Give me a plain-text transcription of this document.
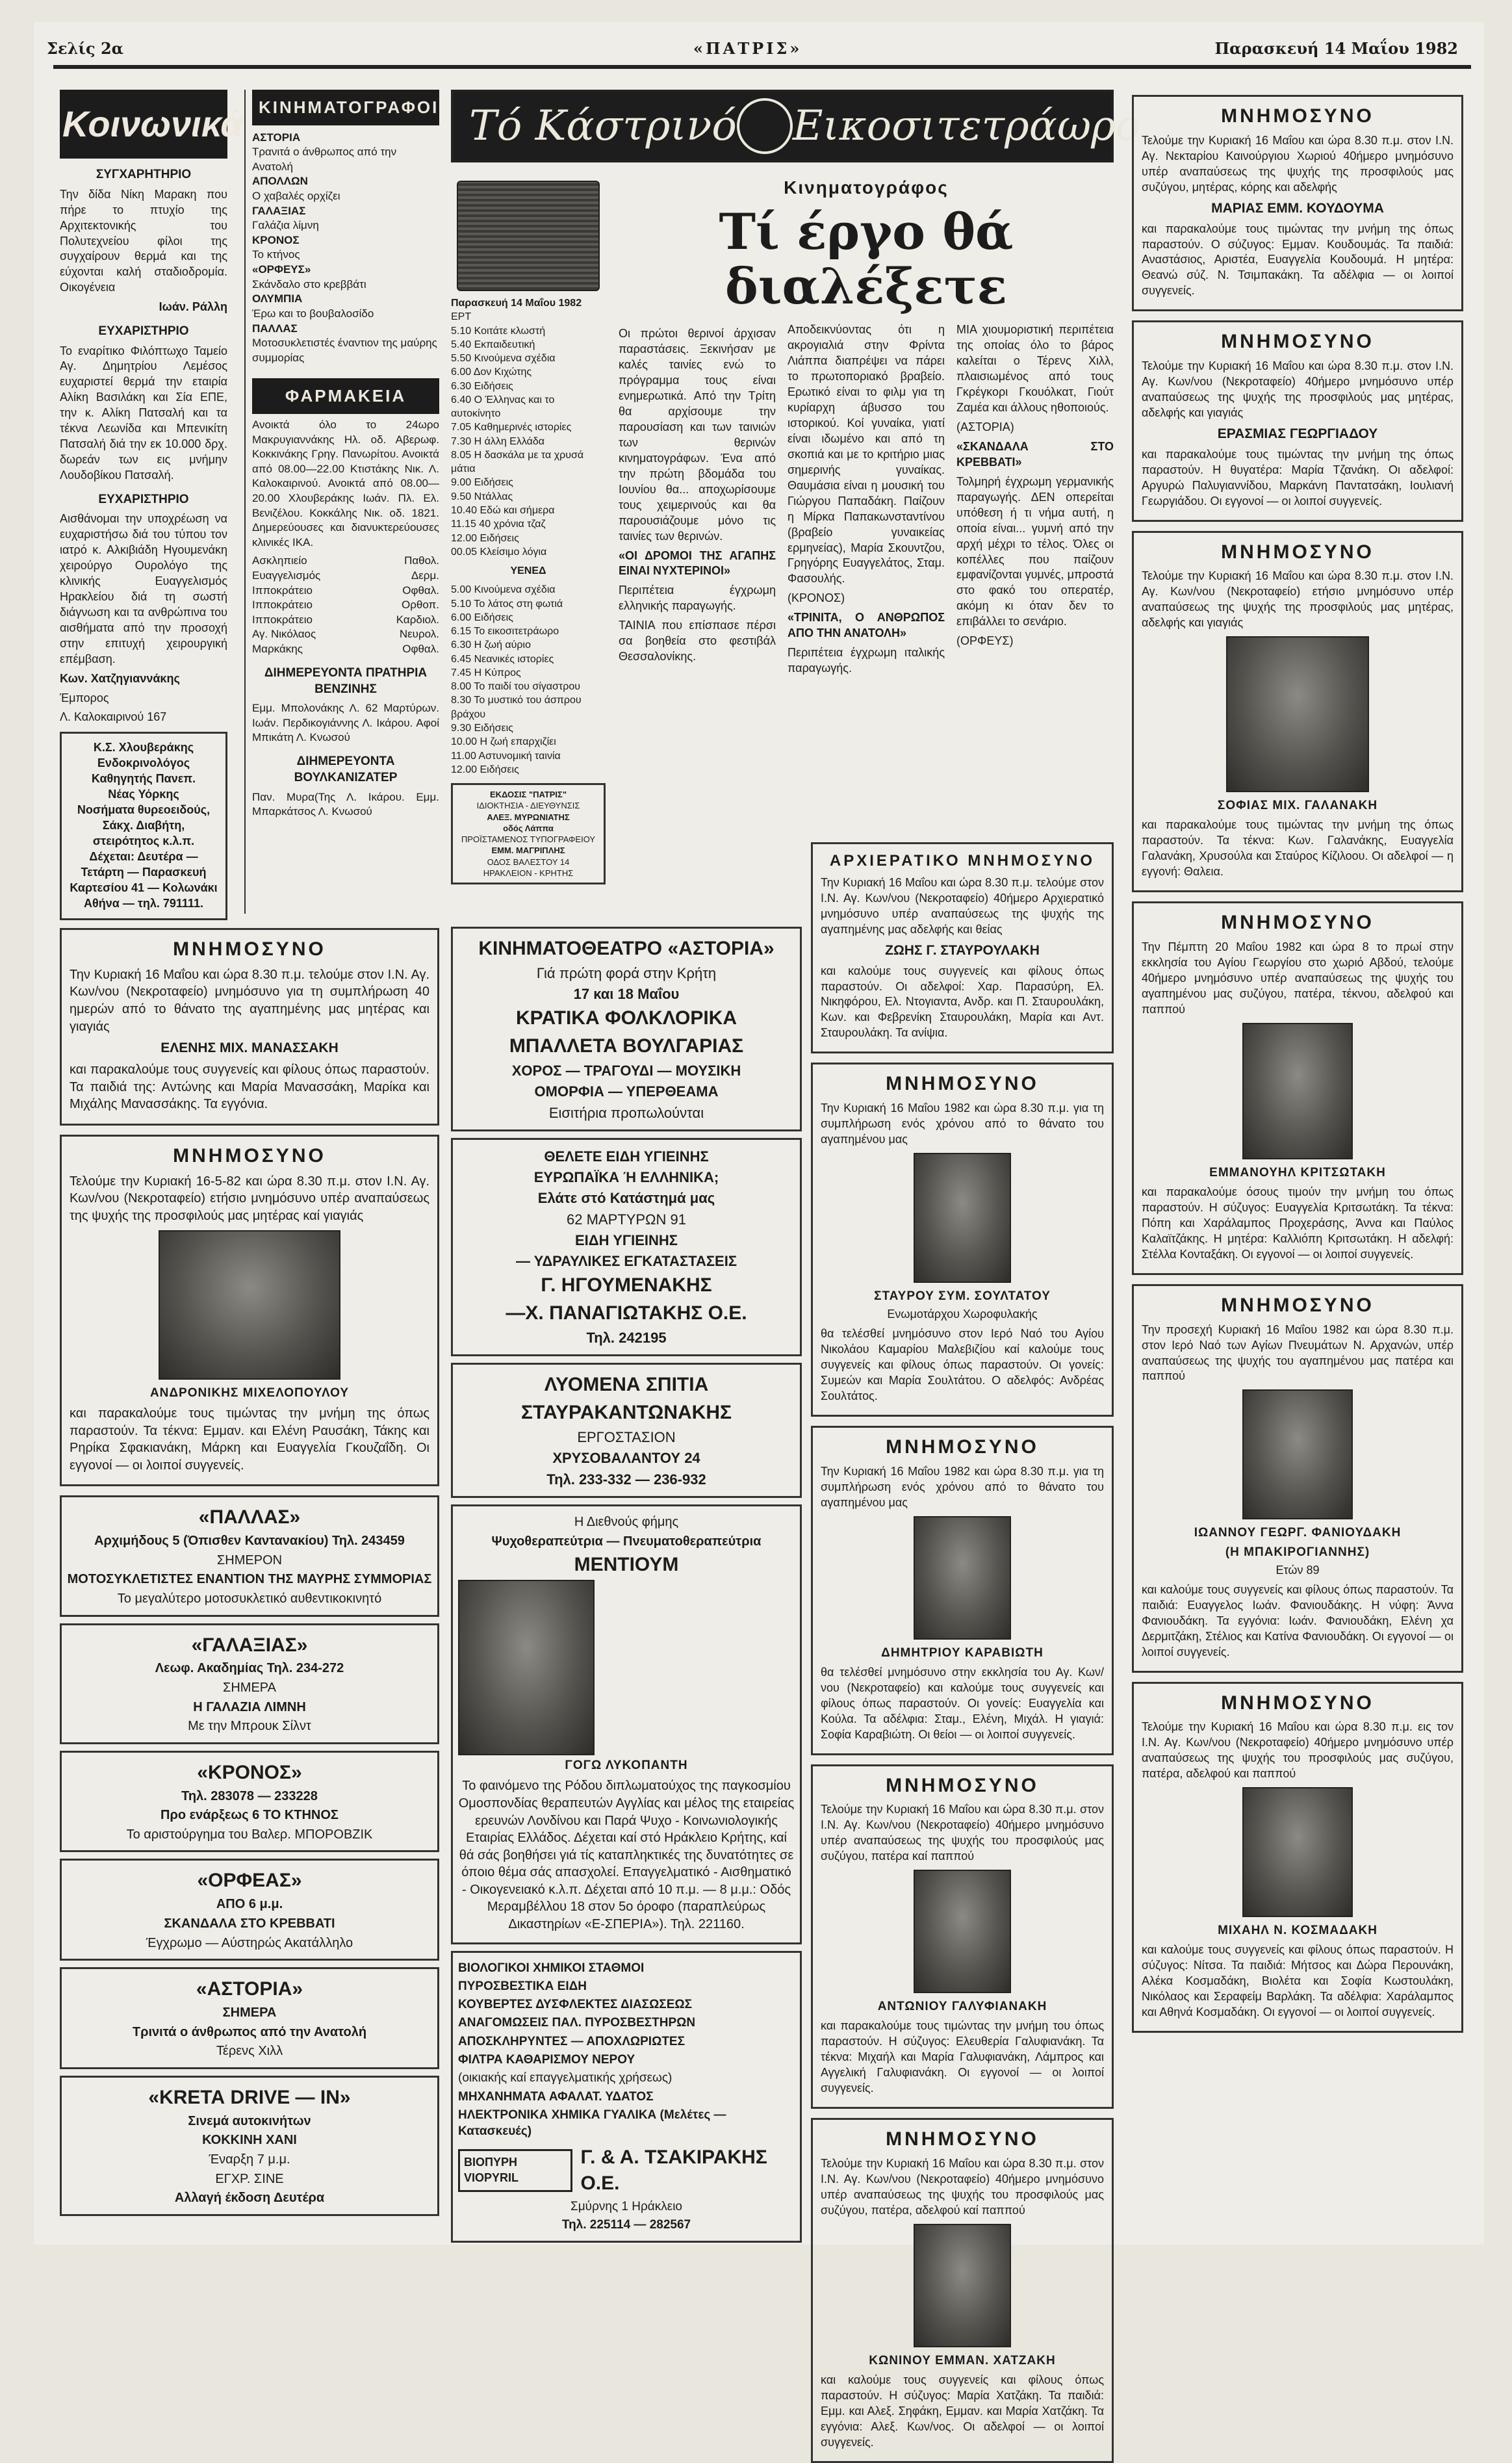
Σελίς 2α	«ΠΑΤΡΙΣ»	Παρασκευή 14 Μαΐου 1982
Κοινωνικά
ΣΥΓΧΑΡΗΤΗΡΙΟ

Την δίδα Νίκη Μαρακη που πήρε το πτυχίο της Αρχιτεκτονικής του Πολυτεχνείου φίλοι της συγχαίρουν θερμά και της εύχονται καλή σταδιοδρομία. Οικογένεια

Ιωάν. Ράλλη

ΕΥΧΑΡΙΣΤΗΡΙΟ

Το εναρίτικο Φιλόπτωχο Ταμείο Αγ. Δημητρίου Λεμέσος ευχαριστεί θερμά την εταιρία Αλίκη Βασιλάκη και Σία ΕΠΕ, την κ. Αλίκη Πατσαλή και τα τέκνα Λεωνίδα και Μπενικίτη Πατσαλή διά την εκ 10.000 δρχ. δωρεάν των εις μνήμην Λουδοβίκου Πατσαλή.

ΕΥΧΑΡΙΣΤΗΡΙΟ

Αισθάνομαι την υποχρέωση να ευχαριστήσω διά του τύπου τον ιατρό κ. Αλκιβιάδη Ηγουμενάκη χειρούργο Ουρολόγο της κλινικής Ευαγγελισμός Ηρακλείου διά τη σωστή διάγνωση και τα ανθρώπινα του αισθήματα από την προσοχή στην επιτυχή χειρουργική επέμβαση.

Κων. Χατζηγιαννάκης

Έμπορος

Λ. Καλοκαιρινού 167

Κ.Σ. Χλουβεράκης
Ενδοκρινολόγος
Καθηγητής Πανεπ.
Νέας Υόρκης
Νοσήματα θυρεοειδούς, Σάκχ. Διαβήτη, στειρότητος κ.λ.π.
Δέχεται: Δευτέρα — Τετάρτη — Παρασκευή Καρτεσίου 41 — Κολωνάκι Αθήνα — τηλ. 791111.
ΚΙΝΗΜΑΤΟΓΡΑΦΟΙ
ΑΣΤΟΡΙΑ
Τρανιτά ο άνθρωπος από την Ανατολή
ΑΠΟΛΛΩΝ
Ο χαβαλές ορχίζει
ΓΑΛΑΞΙΑΣ
Γαλάζια λίμνη
ΚΡΟΝΟΣ
Το κτήνος
«ΟΡΦΕΥΣ»
Σκάνδαλο στο κρεββάτι
ΟΛΥΜΠΙΑ
Έρω και το βουβαλοσίδο
ΠΑΛΛΑΣ
Μοτοσυκλετιστές έναντιον της μαύρης συμμορίας
ΦΑΡΜΑΚΕΙΑ

Ανοικτά όλο το 24ωρο Μακρυγιαννάκης Ηλ. οδ. Αβερωφ. Κοκκινάκης Γρηγ. Πανωρίτου. Ανοικτά από 08.00—22.00 Κτιστάκης Νικ. Λ. Καλοκαιρινού. Ανοικτά από 08.00—20.00 Χλουβεράκης Ιωάν. Πλ. Ελ. Βενιζέλου. Κοκκάλης Νικ. οδ. 1821. Δημερεύουσες και διανυκτερεύουσες κλινικές ΙΚΑ.

Ασκληπιείο	Παθολ.
Ευαγγελισμός	Δερμ.
Ιπποκράτειο	Οφθαλ.
Ιπποκράτειο	Ορθοπ.
Ιπποκράτειο	Καρδιολ.
Αγ. Νικόλαος	Νευρολ.
Μαρκάκης	Οφθαλ.
ΔΙΗΜΕΡΕΥΟΝΤΑ ΠΡΑΤΗΡΙΑ ΒΕΝΖΙΝΗΣ

Εμμ. Μπολονάκης Λ. 62 Μαρτύρων. Ιωάν. Περδικογιάννης Λ. Ικάρου. Αφοί Μπικάτη Λ. Κνωσού

ΔΙΗΜΕΡΕΥΟΝΤΑ ΒΟΥΛΚΑΝΙΖΑΤΕΡ

Παν. Μυρα(Της Λ. Ικάρου. Εμμ. Μπαρκάτσος Λ. Κνωσού

ΜΝΗΜΟΣΥΝΟ

Την Κυριακή 16 Μαΐου και ώρα 8.30 π.μ. τελούμε στον Ι.Ν. Αγ. Κων/νου (Νεκροταφείο) μνημόσυνο για τη συμπλήρωση 40 ημερών από το θάνατο της αγαπημένης μας μητέρας και γιαγιάς

ΕΛΕΝΗΣ ΜΙΧ. ΜΑΝΑΣΣΑΚΗ

και παρακαλούμε τους συγγενείς και φίλους όπως παραστούν. Τα παιδιά της: Αντώνης και Μαρία Μανασσάκη, Μαρίκα και Μιχάλης Μανασσάκης. Τα εγγόνια.

ΜΝΗΜΟΣΥΝΟ

Τελούμε την Κυριακή 16-5-82 και ώρα 8.30 π.μ. στον Ι.Ν. Αγ. Κων/νου (Νεκροταφείο) ετήσιο μνημόσυνο υπέρ αναπαύσεως της ψυχής της προσφιλούς μας μητέρας καί γιαγιάς

ΑΝΔΡΟΝΙΚΗΣ ΜΙΧΕΛΟΠΟΥΛΟΥ

και παρακαλούμε τους τιμώντας την μνήμη της όπως παραστούν. Τα τέκνα: Εμμαν. και Ελένη Ραυσάκη, Τάκης και Ρηρίκα Σφακιανάκη, Μάρκη και Ευαγγελία Γκουζαΐδη. Οι εγγονοί — οι λοιποί συγγενείς.

«ΠΑΛΛΑΣ»
Αρχιμήδους 5 (Όπισθεν Καντανακίου) Τηλ. 243459
ΣΗΜΕΡΟΝ
ΜΟΤΟΣΥΚΛΕΤΙΣΤΕΣ ΕΝΑΝΤΙΟΝ ΤΗΣ ΜΑΥΡΗΣ ΣΥΜΜΟΡΙΑΣ
Το μεγαλύτερο μοτοσυκλετικό αυθεντικοκινητό
«ΓΑΛΑΞΙΑΣ»
Λεωφ. Ακαδημίας Τηλ. 234-272
ΣΗΜΕΡΑ
Η ΓΑΛΑΖΙΑ ΛΙΜΝΗ
Με την Μπρουκ Σίλντ
«ΚΡΟΝΟΣ»
Τηλ. 283078 — 233228
Προ ενάρξεως 6 ΤΟ ΚΤΗΝΟΣ
Το αριστούργημα του Βαλερ. ΜΠΟΡΟΒΖΙΚ
«ΟΡΦΕΑΣ»
ΑΠΟ 6 μ.μ.
ΣΚΑΝΔΑΛΑ ΣΤΟ ΚΡΕΒΒΑΤΙ
Έγχρωμο — Αύστηρώς Ακατάλληλο
«ΑΣΤΟΡΙΑ»
ΣΗΜΕΡΑ
Τρινιτά ο άνθρωπος από την Ανατολή
Τέρενς Χιλλ
«ΚRΕΤΑ DRIVE — IN»
Σινεμά αυτοκινήτων
ΚΟΚΚΙΝΗ ΧΑΝΙ
Έναρξη 7 μ.μ.
ΕΓΧΡ. ΣΙΝΕ
Αλλαγή έκδοση Δευτέρα
Τό Κάστρινό Εικοσιτετράωρο
Παρασκευή 14 Μαΐου 1982
ΕΡΤ
5.10 Κοιτάτε κλωστή
5.40 Εκπαιδευτική
5.50 Κινούμενα σχέδια
6.00 Δον Κιχώτης
6.30 Ειδήσεις
6.40 Ο Έλληνας και το αυτοκίνητο
7.05 Καθημερινές ιστορίες
7.30 Η άλλη Ελλάδα
8.05 Η δασκάλα με τα χρυσά μάτια
9.00 Ειδήσεις
9.50 Ντάλλας
10.40 Εδώ και σήμερα
11.15 40 χρόνια τζαζ
12.00 Ειδήσεις
00.05 Κλείσιμο λόγια
ΥΕΝΕΔ
5.00 Κινούμενα σχέδια
5.10 Το λάτος στη φωτιά
6.00 Ειδήσεις
6.15 Το εικοσιτετράωρο
6.30 Η ζωή αύριο
6.45 Νεανικές ιστορίες
7.45 Η Κύπρος
8.00 Το παιδί του σίγαστρου
8.30 Το μυστικό του άσπρου βράχου
9.30 Ειδήσεις
10.00 Η ζωή επαρχιζίει
11.00 Αστυνομική ταινία
12.00 Ειδήσεις
ΕΚΔΟΣΙΣ "ΠΑΤΡΙΣ"
ΙΔΙΟΚΤΗΣΙΑ - ΔΙΕΥΘΥΝΣΙΣ
ΑΛΕΞ. ΜΥΡΩΝΙΑΤΗΣ
οδός Λάππα
ΠΡΟΪΣΤΑΜΕΝΟΣ ΤΥΠΟΓΡΑΦΕΙΟΥ
ΕΜΜ. ΜΑΓΡΙΠΛΗΣ
ΟΔΟΣ ΒΑΛΕΣΤΟΥ 14
ΗΡΑΚΛΕΙΟΝ - ΚΡΗΤΗΣ
Κινηματογράφος
Τί έργο θά διαλέξετε

Οι πρώτοι θερινοί άρχισαν παραστάσεις. Ξεκινήσαν με καλές ταινίες ενώ το πρόγραμμα τους είναι ενημερωτικά. Από την Τρίτη θα αρχίσουμε την παρουσίαση και των ταινιών των θερινών κινηματογράφων. Ένα από την πρώτη βδομάδα του Ιουνίου θα... αποχωρίσουμε τους χειμερινούς και θα παρουσιάζουμε μόνο τις ταινίες των θερινών.

«ΟΙ ΔΡΟΜΟΙ ΤΗΣ ΑΓΑΠΗΣ ΕΙΝΑΙ ΝΥΧΤΕΡΙΝΟΙ»

Περιπέτεια έγχρωμη ελληνικής παραγωγής.

ΤΑΙΝΙΑ που επίσπασε πέρσι σα βοηθεία στο φεστιβάλ Θεσσαλονίκης. Αποδεικνύοντας ότι η ακρογιαλιά στην Φρίντα Λιάππα διαπρέψει να πάρει το πρωτοποριακό βραβείο. Ερωτικό είναι το φιλμ για τη κυρίαρχη άβυσσο του ιστορικού. Κοί γυναίκα, γιατί είναι ιδωμένο και από τη σκοπιά και με το κριτήριο μιας σημερινής γυναίκας. Θαυμάσια είναι η μουσική του Γιώργου Παπαδάκη. Παίζουν η Μίρκα Παπακωνσταντίνου (βραβείο γυναικείας ερμηνείας), Μαρία Σκουντζου, Γρηγόρης Ευαγγελάτος, Σταμ. Φασουλής.

(ΚΡΟΝΟΣ)

«ΤΡΙΝΙΤΑ, Ο ΑΝΘΡΩΠΟΣ ΑΠΟ ΤΗΝ ΑΝΑΤΟΛΗ»

Περιπέτεια έγχρωμη ιταλικής παραγωγής.

ΜΙΑ χιουμοριστική περιπέτεια της οποίας όλο το βάρος καλείται ο Τέρενς Χιλλ, πλαισιωμένος από τους Γκρέγκορι Γκουόλκατ, Γιούτ Ζαμέα και άλλους ηθοποιούς.

(ΑΣΤΟΡΙΑ)

«ΣΚΑΝΔΑΛΑ ΣΤΟ ΚΡΕΒΒΑΤΙ»

Τολμηρή έγχρωμη γερμανικής παραγωγής. ΔΕΝ οπερείται υπόθεση ή τι νήμα αυτή, η οποία είναι... γυμνή από την αρχή μέχρι το τέλος. Όλες οι κοπέλλες που παίζουν εμφανίζονται γυμνές, μπροστά στο φακό του οπερατέρ, ακόμη κι όταν δεν το επιβάλλει το σενάριο.

(ΟΡΦΕΥΣ)

ΚΙΝΗΜΑΤΟΘΕΑΤΡΟ «ΑΣΤΟΡΙΑ»
Γιά πρώτη φορά στην Κρήτη
17 και 18 Μαΐου
ΚΡΑΤΙΚΑ ΦΟΛΚΛΟΡΙΚΑ
ΜΠΑΛΛΕΤΑ ΒΟΥΛΓΑΡΙΑΣ
ΧΟΡΟΣ — ΤΡΑΓΟΥΔΙ — ΜΟΥΣΙΚΗ
ΟΜΟΡΦΙΑ — ΥΠΕΡΘΕΑΜΑ
Εισιτήρια προπωλούνται
ΘΕΛΕΤΕ ΕΙΔΗ ΥΓΙΕΙΝΗΣ
ΕΥΡΩΠΑΪΚΑ Ή ΕΛΛΗΝΙΚΑ;
Ελάτε στό Κατάστημά μας
62 ΜΑΡΤΥΡΩΝ 91
ΕΙΔΗ ΥΓΙΕΙΝΗΣ
— ΥΔΡΑΥΛΙΚΕΣ ΕΓΚΑΤΑΣΤΑΣΕΙΣ
Γ. ΗΓΟΥΜΕΝΑΚΗΣ
—Χ. ΠΑΝΑΓΙΩΤΑΚΗΣ Ο.Ε.
Τηλ. 242195
ΛΥΟΜΕΝΑ ΣΠΙΤΙΑ
ΣΤΑΥΡΑΚΑΝΤΩΝΑΚΗΣ
ΕΡΓΟΣΤΑΣΙΟΝ
ΧΡΥΣΟΒΑΛΑΝΤΟΥ 24
Τηλ. 233-332 — 236-932
Η Διεθνούς φήμης
Ψυχοθεραπεύτρια — Πνευματοθεραπεύτρια
ΜΕΝΤΙΟΥΜ
ΓΟΓΩ ΛΥΚΟΠΑΝΤΗ

Το φαινόμενο της Ρόδου διπλωματούχος της παγκοσμίου Ομοσπονδίας θεραπευτών Αγγλίας και μέλος της εταιρείας ερευνών Λονδίνου και Παρά Ψυχο - Κοινωνιολογικής Εταιρίας Ελλάδος. Δέχεται καί στό Ηράκλειο Κρήτης, καί θά σάς βοηθήσει γιά τίς καταπληκτικές της δυνατότητες σε όποιο θέμα σάς απασχολεί. Επαγγελματικό - Αισθηματικό - Οικογενειακό κ.λ.π. Δέχεται από 10 π.μ. — 8 μ.μ.: Οδός Μεραμβέλλου 18 στον 5ο όροφο (παραπλεύρως Δικαστηρίων «Ε-ΣΠΕΡΙΑ»). Τηλ. 221160.

ΒΙΟΛΟΓΙΚΟΙ ΧΗΜΙΚΟΙ ΣΤΑΘΜΟΙ
ΠΥΡΟΣΒΕΣΤΙΚΑ ΕΙΔΗ
ΚΟΥΒΕΡΤΕΣ ΔΥΣΦΛΕΚΤΕΣ ΔΙΑΣΩΣΕΩΣ
ΑΝΑΓΟΜΩΣΕΙΣ ΠΑΛ. ΠΥΡΟΣΒΕΣΤΗΡΩΝ
ΑΠΟΣΚΛΗΡΥΝΤΕΣ — ΑΠΟΧΛΩΡΙΩΤΕΣ
ΦΙΛΤΡΑ ΚΑΘΑΡΙΣΜΟΥ ΝΕΡΟΥ
(οικιακής καί επαγγελματικής χρήσεως)
ΜΗΧΑΝΗΜΑΤΑ ΑΦΑΛΑΤ. ΥΔΑΤΟΣ
ΗΛΕΚΤΡΟΝΙΚΑ ΧΗΜΙΚΑ ΓΥΑΛΙΚΑ (Μελέτες — Κατασκευές)
ΒΙΟΠΥΡΗ VIOPYRIL
Γ. & Α. ΤΣΑΚΙΡΑΚΗΣ Ο.Ε.
Σμύρνης 1 Ηράκλειο
Τηλ. 225114 — 282567
ΑΡΧΙΕΡΑΤΙΚΟ ΜΝΗΜΟΣΥΝΟ

Την Κυριακή 16 Μαΐου και ώρα 8.30 π.μ. τελούμε στον Ι.Ν. Αγ. Κων/νου (Νεκροταφείο) 40ήμερο Αρχιερατικό μνημόσυνο υπέρ αναπαύσεως της ψυχής της αγαπημένης μας αδελφής και θείας

ΖΩΗΣ Γ. ΣΤΑΥΡΟΥΛΑΚΗ

και καλούμε τους συγγενείς και φίλους όπως παραστούν. Οι αδελφοί: Χαρ. Παρασύρη, Ελ. Νικηφόρου, Ελ. Ντογιαντα, Ανδρ. και Π. Σταυρουλάκη, Κων. και Φεβρενίκη Σταυρουλάκη, Μαρία και Αντ. Σταυρουλάκη. Τα ανίψια.

ΜΝΗΜΟΣΥΝΟ

Την Κυριακή 16 Μαΐου 1982 και ώρα 8.30 π.μ. για τη συμπλήρωση ενός χρόνου από το θάνατο του αγαπημένου μας

ΣΤΑΥΡΟΥ ΣΥΜ. ΣΟΥΛΤΑΤΟΥ
Ενωμοτάρχου Χωροφυλακής

θα τελέσθεί μνημόσυνο στον Ιερό Ναό του Αγίου Νικολάου Καμαρίου Μαλεβιζίου καί καλούμε τους συγγενείς και φίλους όπως παραστούν. Οι γονείς: Συμεών και Μαρία Σουλτάτου. Ο αδελφός: Ανδρέας Σουλτάτος.

ΜΝΗΜΟΣΥΝΟ

Την Κυριακή 16 Μαΐου 1982 και ώρα 8.30 π.μ. για τη συμπλήρωση ενός χρόνου από το θάνατο του αγαπημένου μας

ΔΗΜΗΤΡΙΟΥ ΚΑΡΑΒΙΩΤΗ

θα τελέσθεί μνημόσυνο στην εκκλησία του Αγ. Κων/νου (Νεκροταφείο) και καλούμε τους συγγενείς και φίλους όπως παραστούν. Οι γονείς: Ευαγγελία και Κούλα. Τα αδέλφια: Σταμ., Ελένη, Μιχάλ. Η γιαγιά: Σοφία Καραβιώτη. Οι θείοι — οι λοιποί συγγενείς.

ΜΝΗΜΟΣΥΝΟ

Τελούμε την Κυριακή 16 Μαΐου και ώρα 8.30 π.μ. στον Ι.Ν. Αγ. Κων/νου (Νεκροταφείο) 40ήμερο μνημόσυνο υπέρ αναπαύσεως της ψυχής του προσφιλούς μας συζύγου, πατέρα καί παππού

ΑΝΤΩΝΙΟΥ ΓΑΛΥΦΙΑΝΑΚΗ

και παρακαλούμε τους τιμώντας την μνήμη του όπως παραστούν. Η σύζυγος: Ελευθερία Γαλυφιανάκη. Τα τέκνα: Μιχαήλ και Μαρία Γαλυφιανάκη, Λάμπρος και Αγγελική Γαλυφιανάκη. Οι εγγονοί — οι λοιποί συγγενείς.

ΜΝΗΜΟΣΥΝΟ

Τελούμε την Κυριακή 16 Μαΐου και ώρα 8.30 π.μ. στον Ι.Ν. Αγ. Κων/νου (Νεκροταφείο) 40ήμερο μνημόσυνο υπέρ αναπαύσεως της ψυχής του προσφιλούς μας συζύγου, πατέρα, αδελφού καί παππού

ΚΩΝΙΝΟΥ ΕΜΜΑΝ. ΧΑΤΖΑΚΗ

και καλούμε τους συγγενείς και φίλους όπως παραστούν. Η σύζυγος: Μαρία Χατζάκη. Τα παιδιά: Εμμ. και Αλεξ. Σηφάκη, Εμμαν. και Μαρία Χατζάκη. Τα εγγόνια: Αλεξ. Κων/νος. Οι αδελφοί — οι λοιποί συγγενείς.

ΜΝΗΜΟΣΥΝΟ

Τελούμε την Κυριακή 16 Μαΐου και ώρα 8.30 π.μ. στον Ι.Ν. Αγ. Νεκταρίου Καινούργιου Χωριού 40ήμερο μνημόσυνο υπέρ αναπαύσεως της ψυχής της προσφιλούς μας συζύγου, μητέρας, κόρης και αδελφής

ΜΑΡΙΑΣ ΕΜΜ. ΚΟΥΔΟΥΜΑ

και παρακαλούμε τους τιμώντας την μνήμη της όπως παραστούν. Ο σύζυγος: Εμμαν. Κουδουμάς. Τα παιδιά: Αναστάσιος, Αριστέα, Ευαγγελία Κουδουμά. Η μητέρα: Θεανώ σύζ. Ν. Τσιμπακάκη. Τα αδέλφια — οι λοιποί συγγενείς.

ΜΝΗΜΟΣΥΝΟ

Τελούμε την Κυριακή 16 Μαΐου και ώρα 8.30 π.μ. στον Ι.Ν. Αγ. Κων/νου (Νεκροταφείο) 40ήμερο μνημόσυνο υπέρ αναπαύσεως της ψυχής της προσφιλούς μας μητέρας, αδελφής και γιαγιάς

ΕΡΑΣΜΙΑΣ ΓΕΩΡΓΙΑΔΟΥ

και παρακαλούμε τους τιμώντας την μνήμη της όπως παραστούν. Η θυγατέρα: Μαρία Τζανάκη. Οι αδελφοί: Αργυρώ Παλυγιαννίδου, Μαρκάνη Παντατσάκη, Ιουλιανή Γεωργιάδου. Οι εγγονοί — οι λοιποί συγγενείς.

ΜΝΗΜΟΣΥΝΟ

Τελούμε την Κυριακή 16 Μαΐου και ώρα 8.30 π.μ. στον Ι.Ν. Αγ. Κων/νου (Νεκροταφείο) ετήσιο μνημόσυνο υπέρ αναπαύσεως της ψυχής της προσφιλούς μας μητέρας, αδελφής και γιαγιάς

ΣΟΦΙΑΣ ΜΙΧ. ΓΑΛΑΝΑΚΗ

και παρακαλούμε τους τιμώντας την μνήμη της όπως παραστούν. Τα τέκνα: Κων. Γαλανάκης, Ευαγγελία Γαλανάκη, Χρυσούλα και Σταύρος Κίζιλοου. Οι αδελφοί — η εγγονή: Θαλεια.

ΜΝΗΜΟΣΥΝΟ

Την Πέμπτη 20 Μαΐου 1982 και ώρα 8 το πρωί στην εκκλησία του Αγίου Γεωργίου στο χωριό Αβδού, τελούμε 40ήμερο μνημόσυνο υπέρ αναπαύσεως της ψυχής του αγαπημένου μας συζύγου, πατέρα, τέκνου, αδελφού και παππού

ΕΜΜΑΝΟΥΗΛ ΚΡΙΤΣΩΤΑΚΗ

και παρακαλούμε όσους τιμούν την μνήμη του όπως παραστούν. Η σύζυγος: Ευαγγελία Κριτσωτάκη. Τα τέκνα: Πόπη και Χαράλαμπος Προχεράσης, Άννα και Παύλος Καλαϊτζάκης. Η μητέρα: Καλλιόπη Κριτσωτάκη. Η αδελφή: Στέλλα Κονταξάκη. Οι εγγονοί — οι λοιποί συγγενείς.

ΜΝΗΜΟΣΥΝΟ

Την προσεχή Κυριακή 16 Μαΐου 1982 και ώρα 8.30 π.μ. στον Ιερό Ναό των Αγίων Πνευμάτων Ν. Αρχανών, υπέρ αναπαύσεως της ψυχής του αγαπημένου μας πατέρα και παππού

ΙΩΑΝΝΟΥ ΓΕΩΡΓ. ΦΑΝΙΟΥΔΑΚΗ
(Η ΜΠΑΚΙΡΟΓΙΑΝΝΗΣ)
Ετών 89

και καλούμε τους συγγενείς και φίλους όπως παραστούν. Τα παιδιά: Ευαγγελος Ιωάν. Φανιουδάκης. Η νύφη: Άννα Φανιουδάκη. Τα εγγόνια: Ιωάν. Φανιουδάκη, Ελένη χα Δερμιτζάκη, Στέλιος και Κατίνα Φανιουδάκη. Οι εγγονοί — οι λοιποί συγγενείς.

ΜΝΗΜΟΣΥΝΟ

Τελούμε την Κυριακή 16 Μαΐου και ώρα 8.30 π.μ. εις τον Ι.Ν. Αγ. Κων/νου (Νεκροταφείο) 40ήμερο μνημόσυνο υπέρ αναπαύσεως της ψυχής του προσφιλούς μας συζύγου, πατέρα, αδελφού και παππού

ΜΙΧΑΗΛ Ν. ΚΟΣΜΑΔΑΚΗ

και καλούμε τους συγγενείς και φίλους όπως παραστούν. Η σύζυγος: Νίτσα. Τα παιδιά: Μήτσος και Δώρα Περουνάκη, Αλέκα Κοσμαδάκη, Βιολέτα και Σοφία Κωστουλάκη, Νικόλαος και Σεραφείμ Βαρλάκη. Τα αδέλφια: Χαράλαμπος και Αθηνά Κοσμαδάκη. Οι εγγονοί — οι λοιποί συγγενείς.
